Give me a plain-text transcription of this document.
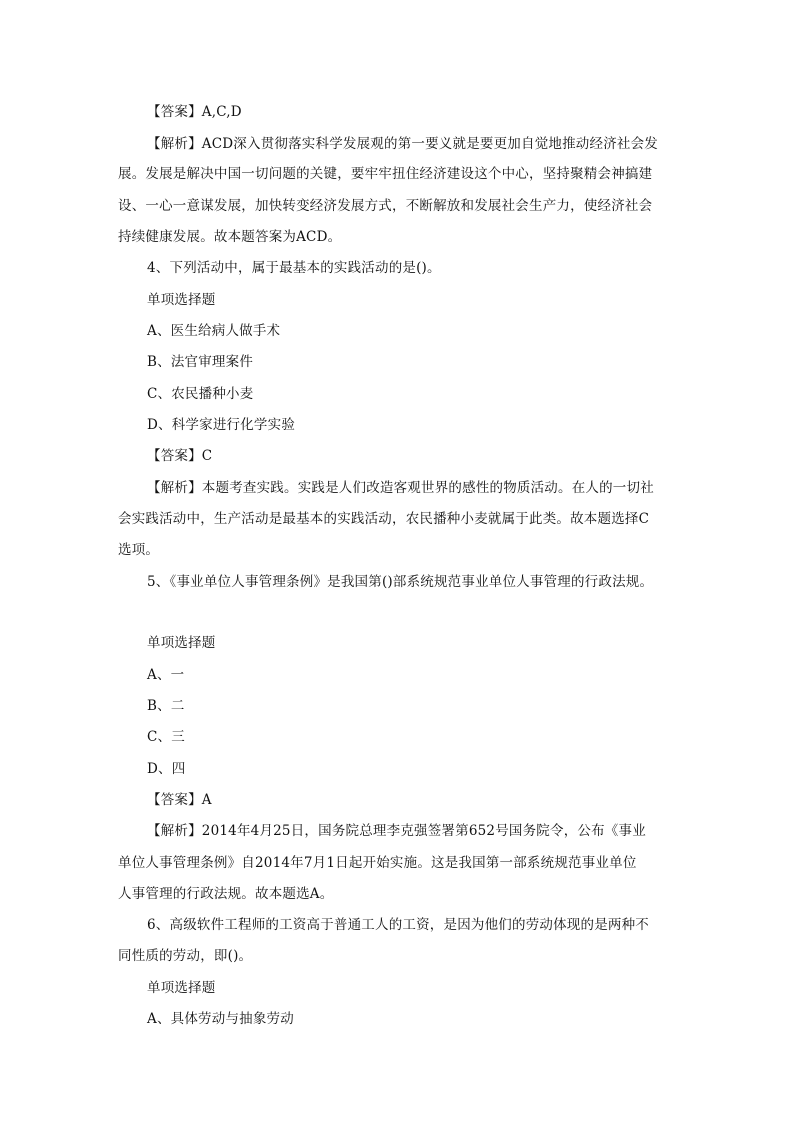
【答案】A,C,D
【解析】ACD深入贯彻落实科学发展观的第一要义就是要更加自觉地推动经济社会发
展。发展是解决中国一切问题的关键，要牢牢扭住经济建设这个中心，坚持聚精会神搞建
设、一心一意谋发展，加快转变经济发展方式，不断解放和发展社会生产力，使经济社会
持续健康发展。故本题答案为ACD。
4、下列活动中，属于最基本的实践活动的是()。
单项选择题
A、医生给病人做手术
B、法官审理案件
C、农民播种小麦
D、科学家进行化学实验
【答案】C
【解析】本题考查实践。实践是人们改造客观世界的感性的物质活动。在人的一切社
会实践活动中，生产活动是最基本的实践活动，农民播种小麦就属于此类。故本题选择C
选项。
5、《事业单位人事管理条例》是我国第()部系统规范事业单位人事管理的行政法规。
单项选择题
A、一
B、二
C、三
D、四
【答案】A
【解析】2014年4月25日，国务院总理李克强签署第652号国务院令，公布《事业
单位人事管理条例》自2014年7月1日起开始实施。这是我国第一部系统规范事业单位
人事管理的行政法规。故本题选A。
6、高级软件工程师的工资高于普通工人的工资，是因为他们的劳动体现的是两种不
同性质的劳动，即()。
单项选择题
A、具体劳动与抽象劳动
